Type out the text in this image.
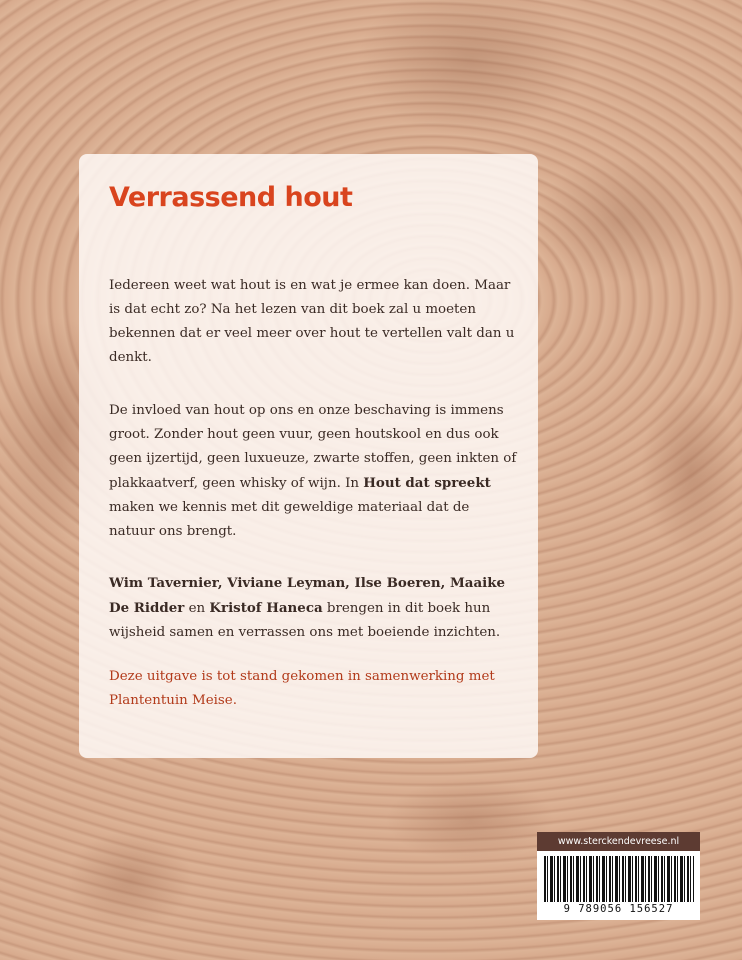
Verrassend hout

Iedereen weet wat hout is en wat je ermee kan doen. Maar is dat echt zo? Na het lezen van dit boek zal u moeten bekennen dat er veel meer over hout te vertellen valt dan u denkt.

De invloed van hout op ons en onze beschaving is immens groot. Zonder hout geen vuur, geen houtskool en dus ook geen ijzertijd, geen luxueuze, zwarte stoffen, geen inkten of plakkaatverf, geen whisky of wijn. In Hout dat spreekt maken we kennis met dit geweldige materiaal dat de natuur ons brengt.

Wim Tavernier, Viviane Leyman, Ilse Boeren, Maaike De Ridder en Kristof Haneca brengen in dit boek hun wijsheid samen en verrassen ons met boeiende inzichten.

Deze uitgave is tot stand gekomen in samenwerking met Plantentuin Meise.

www.sterckendevreese.nl
9 789056 156527
